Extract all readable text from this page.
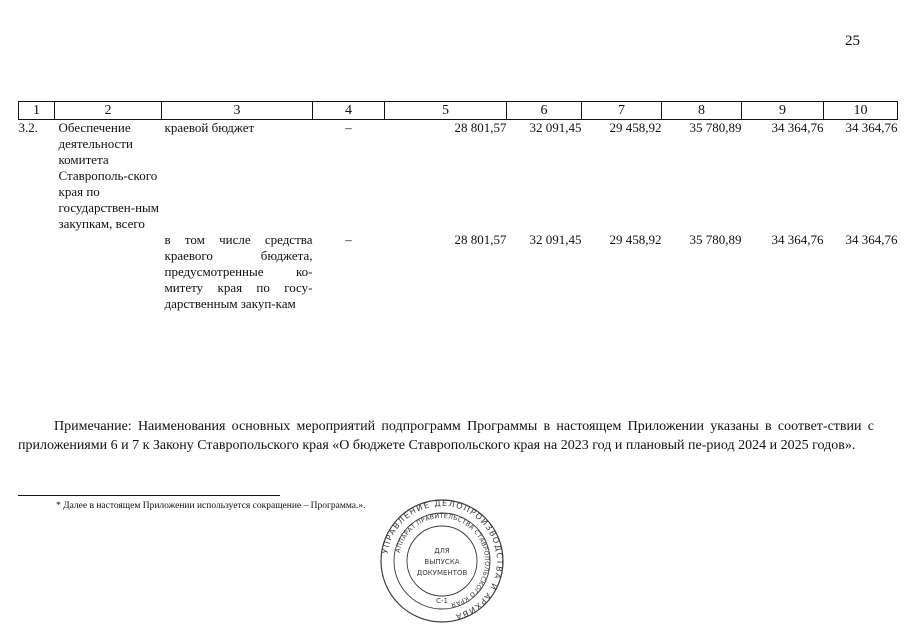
25
1	2	3	4	5	6	7	8	9	10
3.2.	Обеспечение деятельности комитета Ставрополь-ского края по государствен-ным закупкам, всего	краевой бюджет	–	28 801,57	32 091,45	29 458,92	35 780,89	34 364,76	34 364,76

		в том числе средства краевого бюджета, предусмотренные ко-митету края по госу-дарственным закуп-кам	–	28 801,57	32 091,45	29 458,92	35 780,89	34 364,76	34 364,76

Примечание: Наименования основных мероприятий подпрограмм Программы в настоящем Приложении указаны в соответ-ствии с приложениями 6 и 7 к Закону Ставропольского края «О бюджете Ставропольского края на 2023 год и плановый пе-риод 2024 и 2025 годов».

* Далее в настоящем Приложении используется сокращение – Программа.».
УПРАВЛЕНИЕ ДЕЛОПРОИЗВОДСТВА И АРХИВА
АППАРАТ ПРАВИТЕЛЬСТВА СТАВРОПОЛЬСКОГО КРАЯ
ДЛЯ
ВЫПУСКА
ДОКУМЕНТОВ
С-1
